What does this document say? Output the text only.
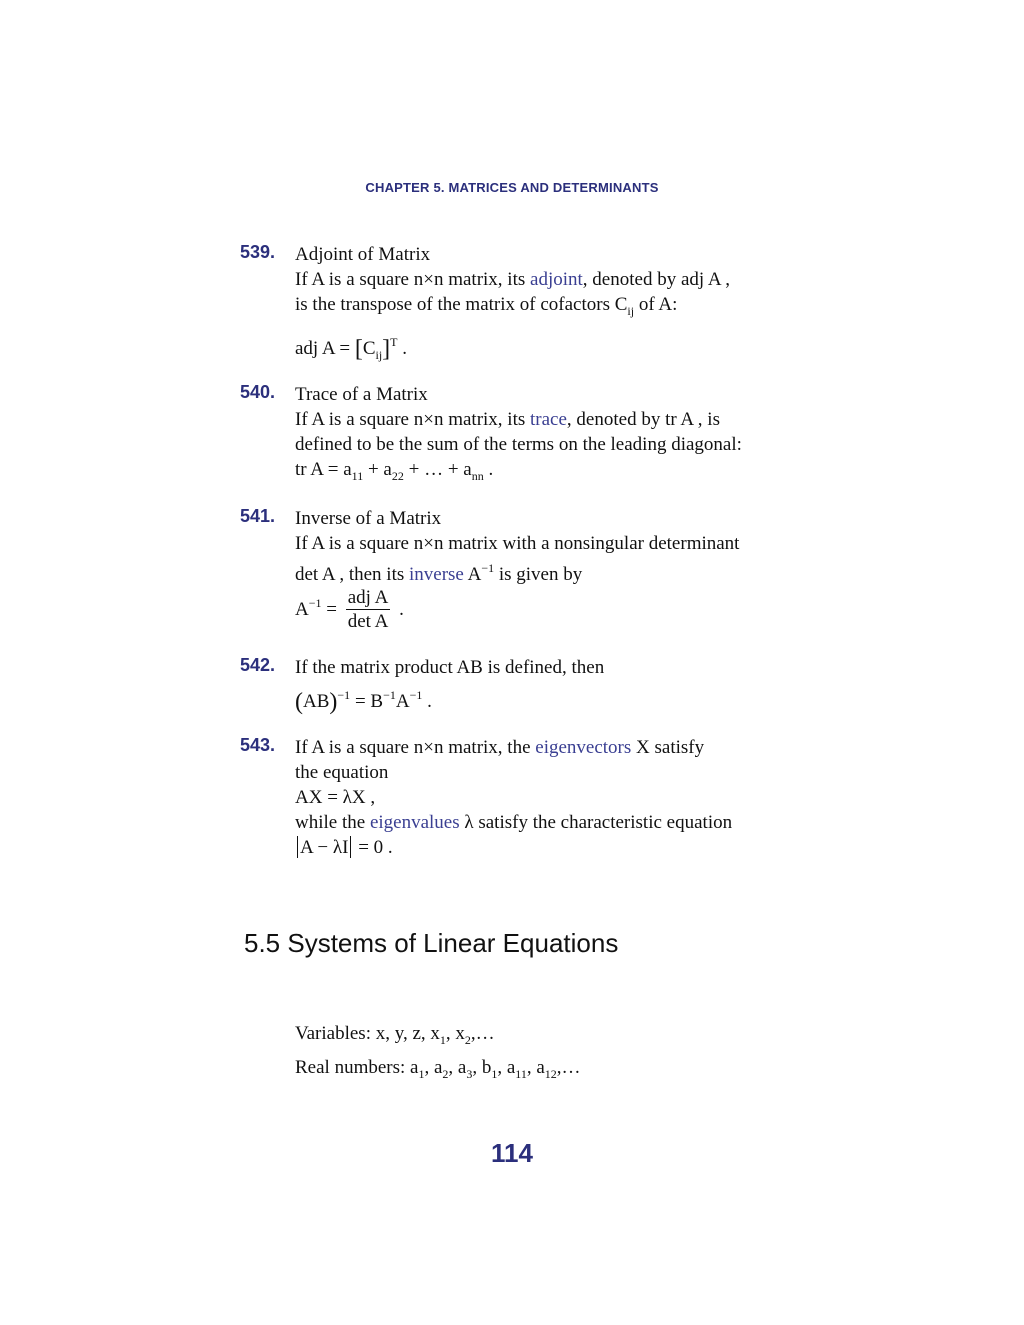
CHAPTER 5. MATRICES AND DETERMINANTS
539.	Adjoint of Matrix
If A is a square n×n matrix, its adjoint, denoted by adj A ,
is the transpose of the matrix of cofactors $C_{ij}$ of A:
adj $A = [C_{ij}]^T$ .
540.	Trace of a Matrix
If A is a square n×n matrix, its trace, denoted by tr A , is
defined to be the sum of the terms on the leading diagonal:
tr $A = a_{11} + a_{22}$ + … + $a_{nn}$ .
541.	Inverse of a Matrix
If A is a square n×n matrix with a nonsingular determinant
det A , then its inverse $A^{-1}$ is given by
$A^{-1} = \frac{\text{adj A}}{\text{det A}}$ .
542.	If the matrix product AB is defined, then
$(AB)^{-1} = B^{-1}A^{-1}$ .
543.	If A is a square n×n matrix, the eigenvectors X satisfy
the equation
AX = λX ,
while the eigenvalues λ satisfy the characteristic equation
A − λI = 0 .
5.5 Systems of Linear Equations
Variables: x, y, z, $x_1$, $x_2,\dots$
Real numbers: $a_1$, $a_2$, $a_3$, $b_1$, $a_{11}$, $a_{12},\dots$
114
